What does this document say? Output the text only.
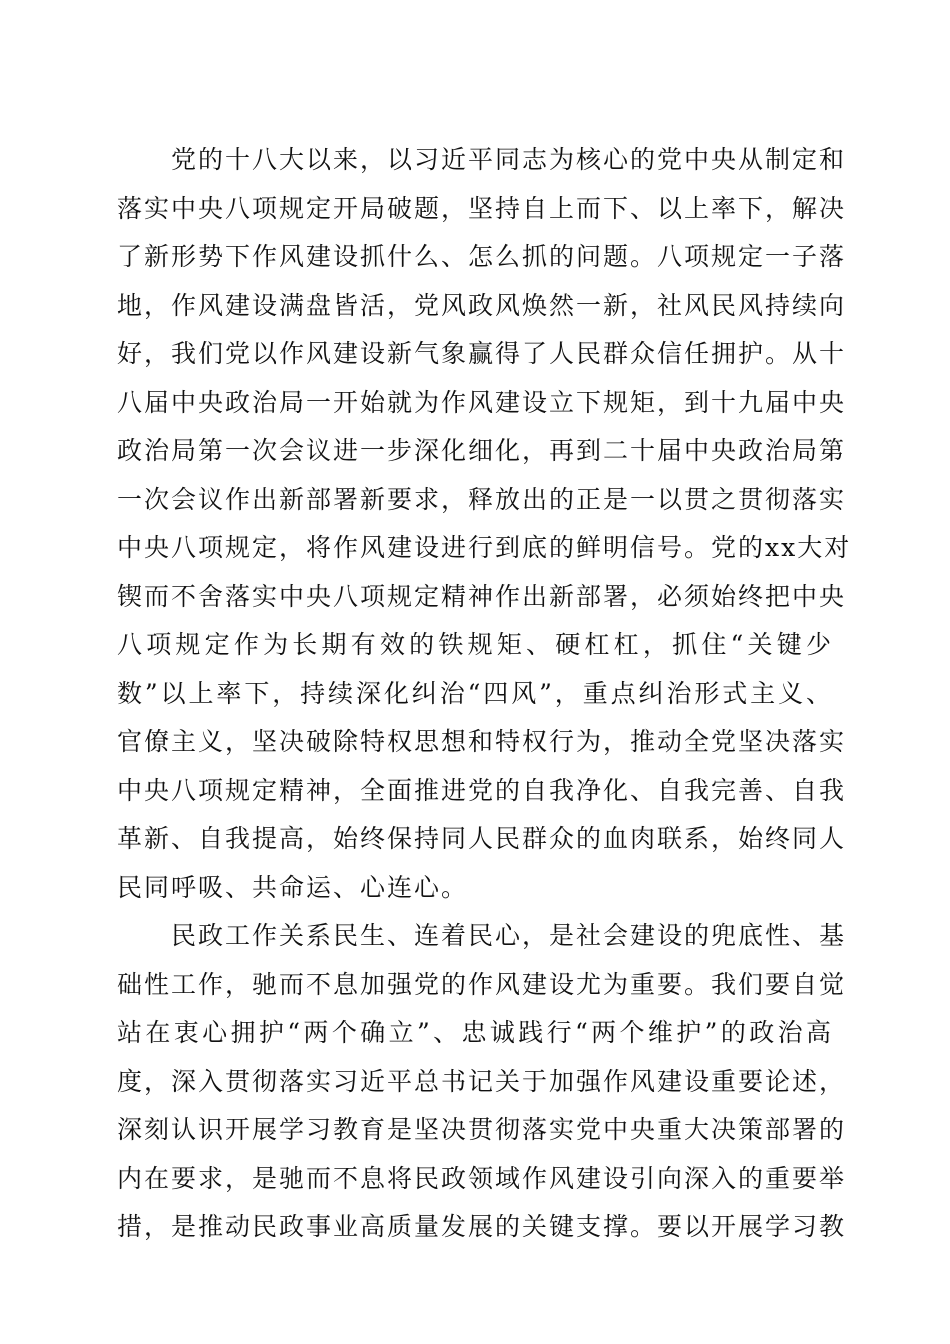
党的十八大以来，以习近平同志为核心的党中央从制定和
落实中央八项规定开局破题，坚持自上而下、以上率下，解决
了新形势下作风建设抓什么、怎么抓的问题。八项规定一子落
地，作风建设满盘皆活，党风政风焕然一新，社风民风持续向
好，我们党以作风建设新气象赢得了人民群众信任拥护。从十
八届中央政治局一开始就为作风建设立下规矩，到十九届中央
政治局第一次会议进一步深化细化，再到二十届中央政治局第
一次会议作出新部署新要求，释放出的正是一以贯之贯彻落实
中央八项规定，将作风建设进行到底的鲜明信号。党的xx大对
锲而不舍落实中央八项规定精神作出新部署，必须始终把中央
八项规定作为长期有效的铁规矩、硬杠杠，抓住“关键少
数”以上率下，持续深化纠治“四风”，重点纠治形式主义、
官僚主义，坚决破除特权思想和特权行为，推动全党坚决落实
中央八项规定精神，全面推进党的自我净化、自我完善、自我
革新、自我提高，始终保持同人民群众的血肉联系，始终同人
民同呼吸、共命运、心连心。
民政工作关系民生、连着民心，是社会建设的兜底性、基
础性工作，驰而不息加强党的作风建设尤为重要。我们要自觉
站在衷心拥护“两个确立”、忠诚践行“两个维护”的政治高
度，深入贯彻落实习近平总书记关于加强作风建设重要论述，
深刻认识开展学习教育是坚决贯彻落实党中央重大决策部署的
内在要求，是驰而不息将民政领域作风建设引向深入的重要举
措，是推动民政事业高质量发展的关键支撑。要以开展学习教
